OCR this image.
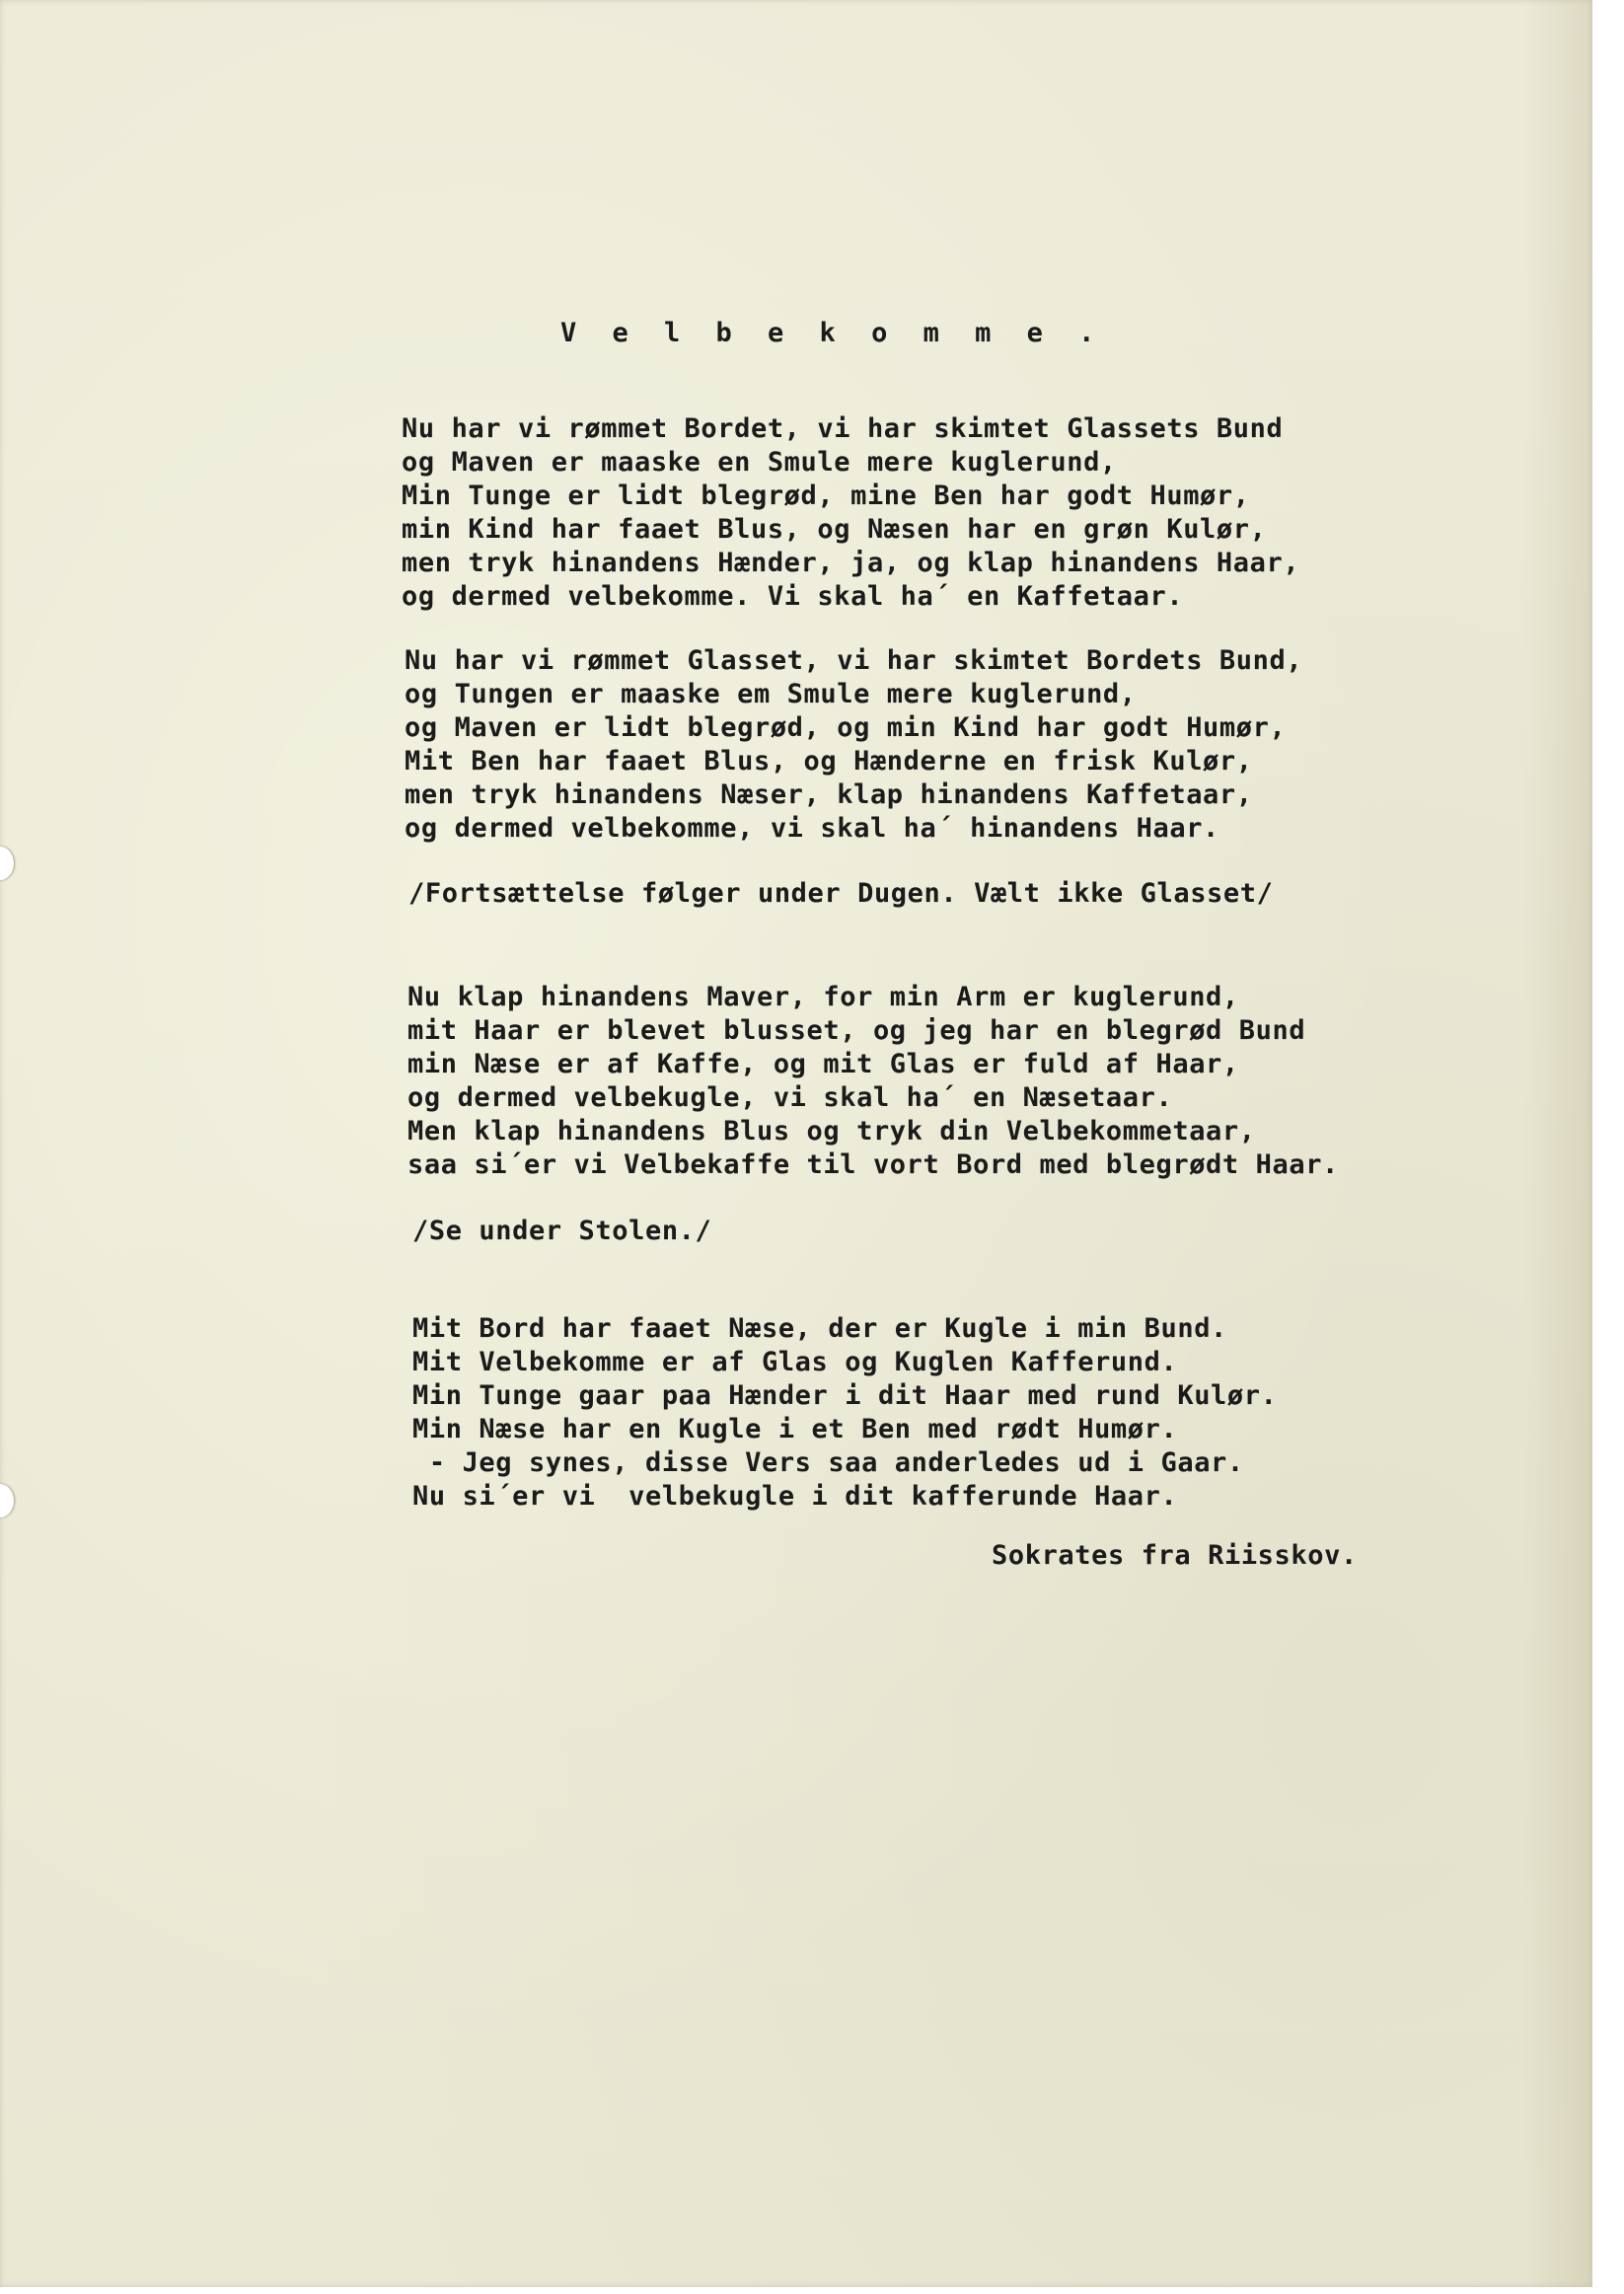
V e l b e k o m m e .
Nu har vi rømmet Bordet, vi har skimtet Glassets Bund
og Maven er maaske en Smule mere kuglerund,
Min Tunge er lidt blegrød, mine Ben har godt Humør,
min Kind har faaet Blus, og Næsen har en grøn Kulør,
men tryk hinandens Hænder, ja, og klap hinandens Haar,
og dermed velbekomme. Vi skal ha´ en Kaffetaar.
Nu har vi rømmet Glasset, vi har skimtet Bordets Bund,
og Tungen er maaske em Smule mere kuglerund,
og Maven er lidt blegrød, og min Kind har godt Humør,
Mit Ben har faaet Blus, og Hænderne en frisk Kulør,
men tryk hinandens Næser, klap hinandens Kaffetaar,
og dermed velbekomme, vi skal ha´ hinandens Haar.
/Fortsættelse følger under Dugen. Vælt ikke Glasset/
Nu klap hinandens Maver, for min Arm er kuglerund,
mit Haar er blevet blusset, og jeg har en blegrød Bund
min Næse er af Kaffe, og mit Glas er fuld af Haar,
og dermed velbekugle, vi skal ha´ en Næsetaar.
Men klap hinandens Blus og tryk din Velbekommetaar,
saa si´er vi Velbekaffe til vort Bord med blegrødt Haar.
/Se under Stolen./
Mit Bord har faaet Næse, der er Kugle i min Bund.
Mit Velbekomme er af Glas og Kuglen Kafferund.
Min Tunge gaar paa Hænder i dit Haar med rund Kulør.
Min Næse har en Kugle i et Ben med rødt Humør.
- Jeg synes, disse Vers saa anderledes ud i Gaar.
Nu si´er vi  velbekugle i dit kafferunde Haar.
Sokrates fra Riisskov.
